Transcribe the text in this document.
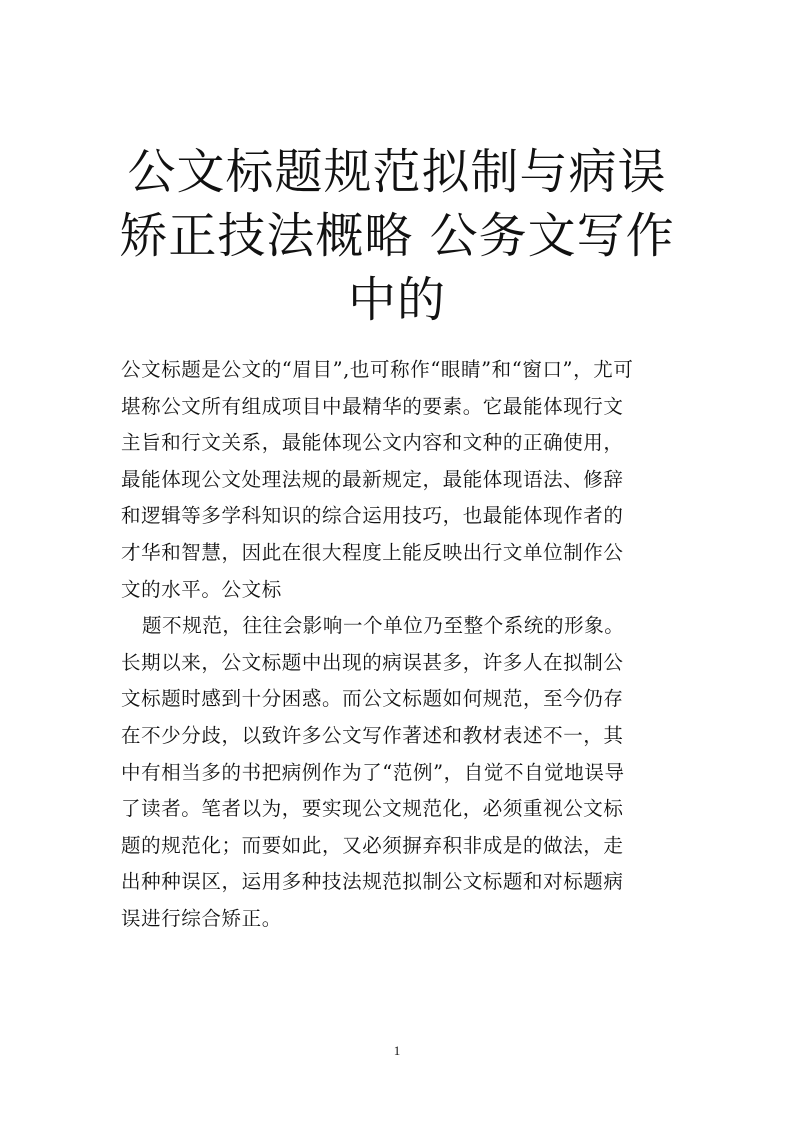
公文标题规范拟制与病误
矫正技法概略 公务文写作
中的

公文标题是公文的“眉目”,也可称作“眼睛”和“窗口”，尤可
堪称公文所有组成项目中最精华的要素。它最能体现行文
主旨和行文关系，最能体现公文内容和文种的正确使用，
最能体现公文处理法规的最新规定，最能体现语法、修辞
和逻辑等多学科知识的综合运用技巧，也最能体现作者的
才华和智慧，因此在很大程度上能反映出行文单位制作公
文的水平。公文标

题不规范，往往会影响一个单位乃至整个系统的形象。
长期以来，公文标题中出现的病误甚多，许多人在拟制公
文标题时感到十分困惑。而公文标题如何规范，至今仍存
在不少分歧，以致许多公文写作著述和教材表述不一，其
中有相当多的书把病例作为了“范例”，自觉不自觉地误导
了读者。笔者以为，要实现公文规范化，必须重视公文标
题的规范化；而要如此，又必须摒弃积非成是的做法，走
出种种误区，运用多种技法规范拟制公文标题和对标题病
误进行综合矫正。

1
